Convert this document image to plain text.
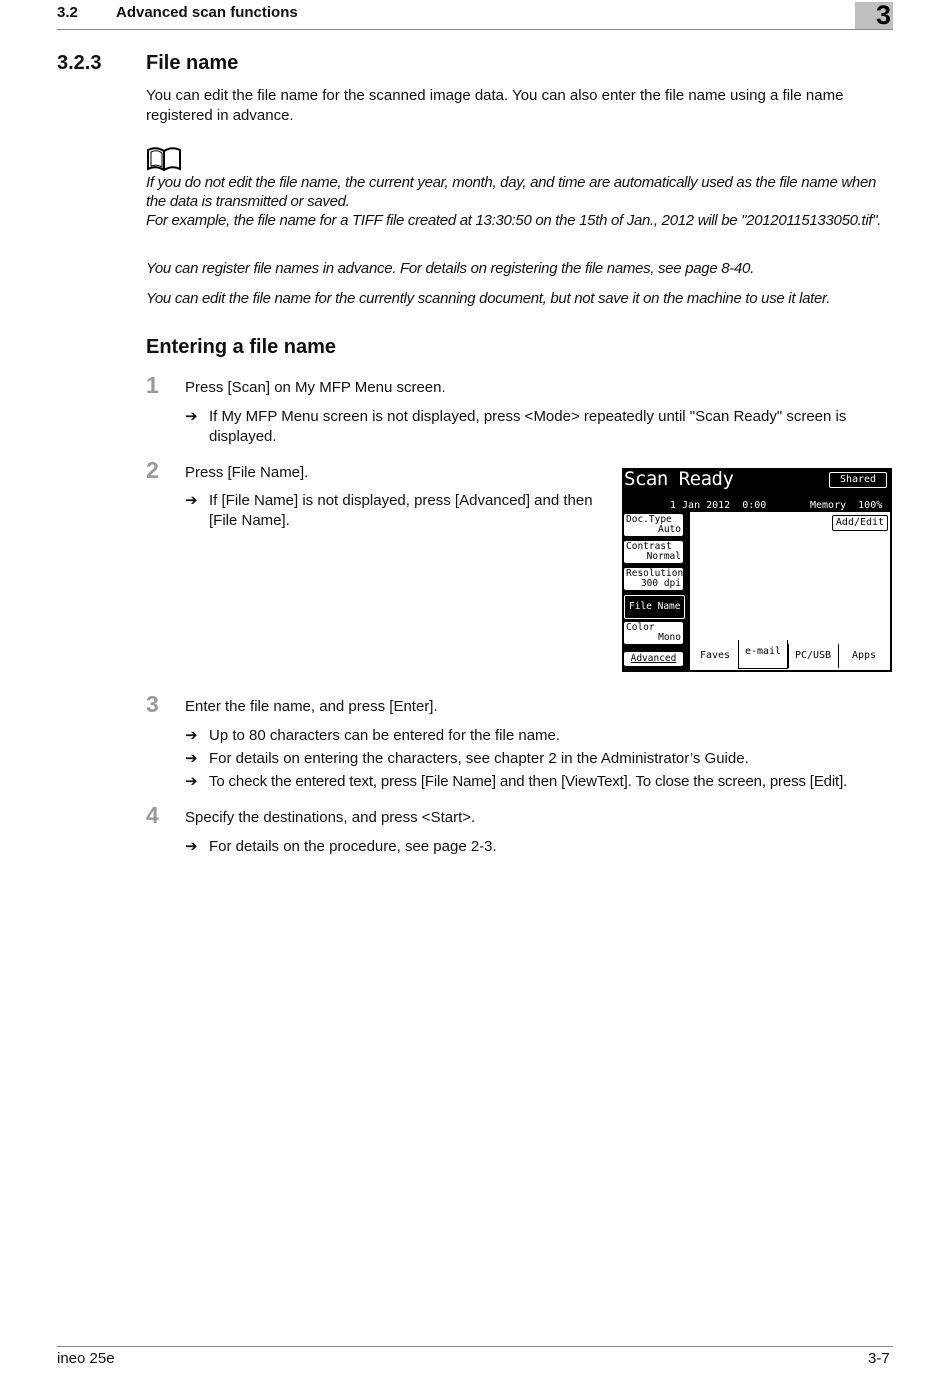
3.2	Advanced scan functions	3
3.2.3 File name
You can edit the file name for the scanned image data. You can also enter the file name using a file name registered in advance.
If you do not edit the file name, the current year, month, day, and time are automatically used as the file name when the data is transmitted or saved.
For example, the file name for a TIFF file created at 13:30:50 on the 15th of Jan., 2012 will be "20120115133050.tif".
You can register file names in advance. For details on registering the file names, see page 8-40.
You can edit the file name for the currently scanning document, but not save it on the machine to use it later.
Entering a file name
1 Press [Scan] on My MFP Menu screen.
➔ If My MFP Menu screen is not displayed, press <Mode> repeatedly until "Scan Ready" screen is displayed.
2 Press [File Name].
➔ If [File Name] is not displayed, press [Advanced] and then [File Name].
Scan Ready	Shared
1 Jan 2012  0:00	Memory  100%
Add/Edit
Doc.Type
Auto
Contrast
Normal
Resolution
300 dpi
File Name
Color
Mono
Advanced	Faves	e-mail	PC/USB	Apps
3 Enter the file name, and press [Enter].
➔ Up to 80 characters can be entered for the file name.
➔ For details on entering the characters, see chapter 2 in the Administrator’s Guide.
➔ To check the entered text, press [File Name] and then [ViewText]. To close the screen, press [Edit].
4 Specify the destinations, and press <Start>.
➔ For details on the procedure, see page 2-3.
ineo 25e	3-7
